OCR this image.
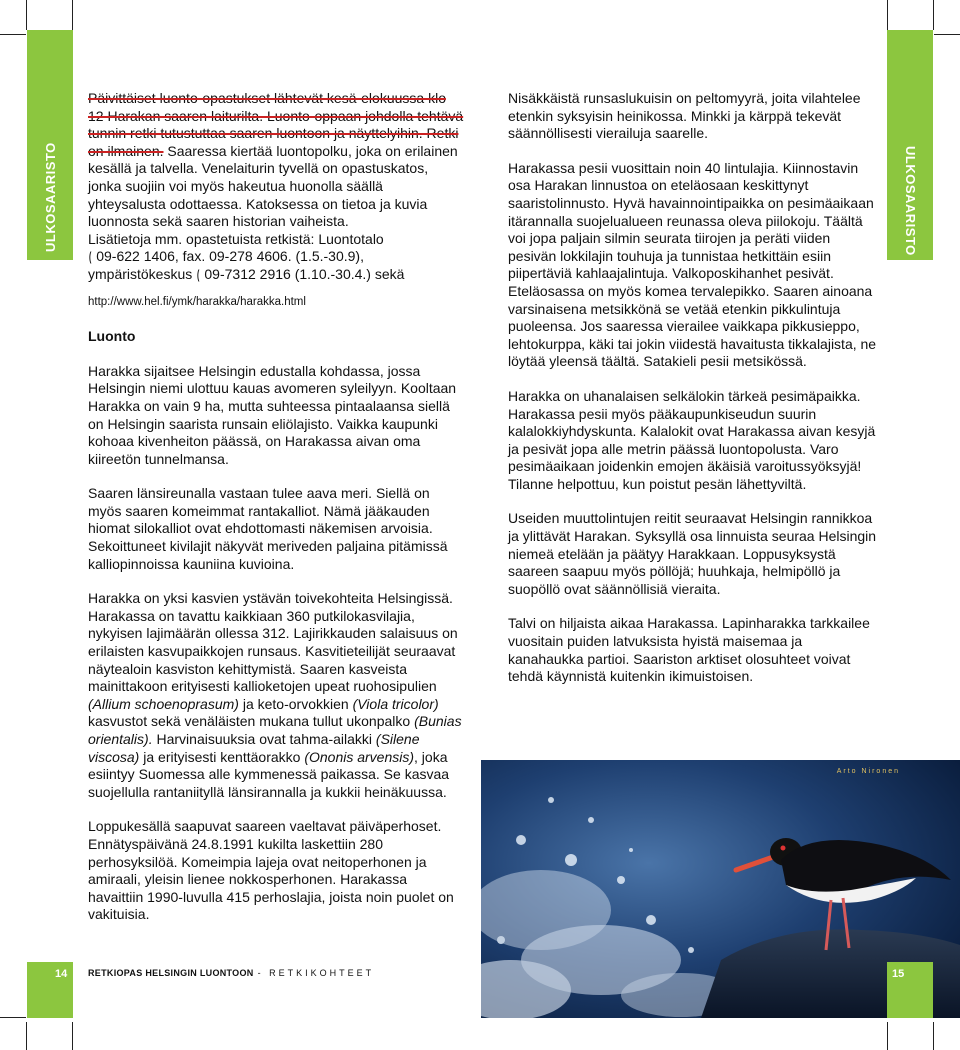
ULKOSAARISTO	ULKOSAARISTO

Päivittäiset luonto-opastukset lähtevät kesä-elokuussa klo 12 Harakan saaren laiturilta. Luonto-oppaan johdolla tehtävä tunnin retki tutustuttaa saaren luontoon ja näyttelyihin. Retki on ilmainen. Saaressa kiertää luontopolku, joka on erilainen kesällä ja talvella. Venelaiturin tyvellä on opastuskatos, jonka suojiin voi myös hakeutua huonolla säällä yhteysalusta odottaessa. Katoksessa on tietoa ja kuvia luonnosta sekä saaren historian vaiheista.

Lisätietoja mm. opastetuista retkistä: Luontotalo
( 09-622 1406, fax. 09-278 4606. (1.5.-30.9),
ympäristökeskus ( 09-7312 2916 (1.10.-30.4.) sekä

http://www.hel.fi/ymk/harakka/harakka.html

Luonto

Harakka sijaitsee Helsingin edustalla kohdassa, jossa Helsingin niemi ulottuu kauas avomeren syleilyyn. Kooltaan Harakka on vain 9 ha, mutta suhteessa pintaalaansa siellä on Helsingin saarista runsain eliölajisto. Vaikka kaupunki kohoaa kivenheiton päässä, on Harakassa aivan oma kiireetön tunnelmansa.

Saaren länsireunalla vastaan tulee aava meri. Siellä on myös saaren komeimmat rantakalliot. Nämä jääkauden hiomat silokalliot ovat ehdottomasti näkemisen arvoisia. Sekoittuneet kivilajit näkyvät meriveden paljaina pitämissä kalliopinnoissa kauniina kuvioina.

Harakka on yksi kasvien ystävän toivekohteita Helsingissä. Harakassa on tavattu kaikkiaan 360 putkilokasvilajia, nykyisen lajimäärän ollessa 312. Lajirikkauden salaisuus on erilaisten kasvupaikkojen runsaus. Kasvitieteilijät seuraavat näytealoin kasviston kehittymistä. Saaren kasveista mainittakoon erityisesti kallioketojen upeat ruohosipulien (Allium schoenoprasum) ja keto-orvokkien (Viola tricolor) kasvustot sekä venäläisten mukana tullut ukonpalko (Bunias orientalis). Harvinaisuuksia ovat tahma-ailakki (Silene viscosa) ja erityisesti kenttäorakko (Ononis arvensis), joka esiintyy Suomessa alle kymmenessä paikassa. Se kasvaa suojellulla rantaniityllä länsirannalla ja kukkii heinäkuussa.

Loppukesällä saapuvat saareen vaeltavat päiväperhoset. Ennätyspäivänä 24.8.1991 kukilta laskettiin 280 perhosyksilöä. Komeimpia lajeja ovat neitoperhonen ja amiraali, yleisin lienee nokkosperhonen. Harakassa havaittiin 1990-luvulla 415 perhoslajia, joista noin puolet on vakituisia.

Nisäkkäistä runsaslukuisin on peltomyyrä, joita vilahtelee etenkin syksyisin heinikossa. Minkki ja kärppä tekevät säännöllisesti vierailuja saarelle.

Harakassa pesii vuosittain noin 40 lintulajia. Kiinnostavin osa Harakan linnustoa on eteläosaan keskittynyt saaristolinnusto. Hyvä havainnointipaikka on pesimäaikaan itärannalla suojelualueen reunassa oleva piilokoju. Täältä voi jopa paljain silmin seurata tiirojen ja peräti viiden pesivän lokkilajin touhuja ja tunnistaa hetkittäin esiin piipertäviä kahlaajalintuja. Valkoposkihanhet pesivät. Eteläosassa on myös komea tervalepikko. Saaren ainoana varsinaisena metsikkönä se vetää etenkin pikkulintuja puoleensa. Jos saaressa vierailee vaikkapa pikkusieppo, lehtokurppa, käki tai jokin viidestä havaitusta tikkalajista, ne löytää yleensä täältä. Satakieli pesii metsikössä.

Harakka on uhanalaisen selkälokin tärkeä pesimäpaikka. Harakassa pesii myös pääkaupunkiseudun suurin kalalokkiyhdyskunta. Kalalokit ovat Harakassa aivan kesyjä ja pesivät jopa alle metrin päässä luontopolusta. Varo pesimäaikaan joidenkin emojen äkäisiä varoitussyöksyjä! Tilanne helpottuu, kun poistut pesän lähettyviltä.

Useiden muuttolintujen reitit seuraavat Helsingin rannikkoa ja ylittävät Harakan. Syksyllä osa linnuista seuraa Helsingin niemeä etelään ja päätyy Harakkaan. Loppusyksystä saareen saapuu myös pöllöjä; huuhkaja, helmipöllö ja suopöllö ovat säännöllisiä vieraita.

Talvi on hiljaista aikaa Harakassa. Lapinharakka tarkkailee vuositain puiden latvuksista hyistä maisemaa ja kanahaukka partioi. Saariston arktiset olosuhteet voivat tehdä käynnistä kuitenkin ikimuistoisen.

Arto Nironen
14	15
RETKIOPAS HELSINGIN LUONTOON - RETKIKOHTEET
